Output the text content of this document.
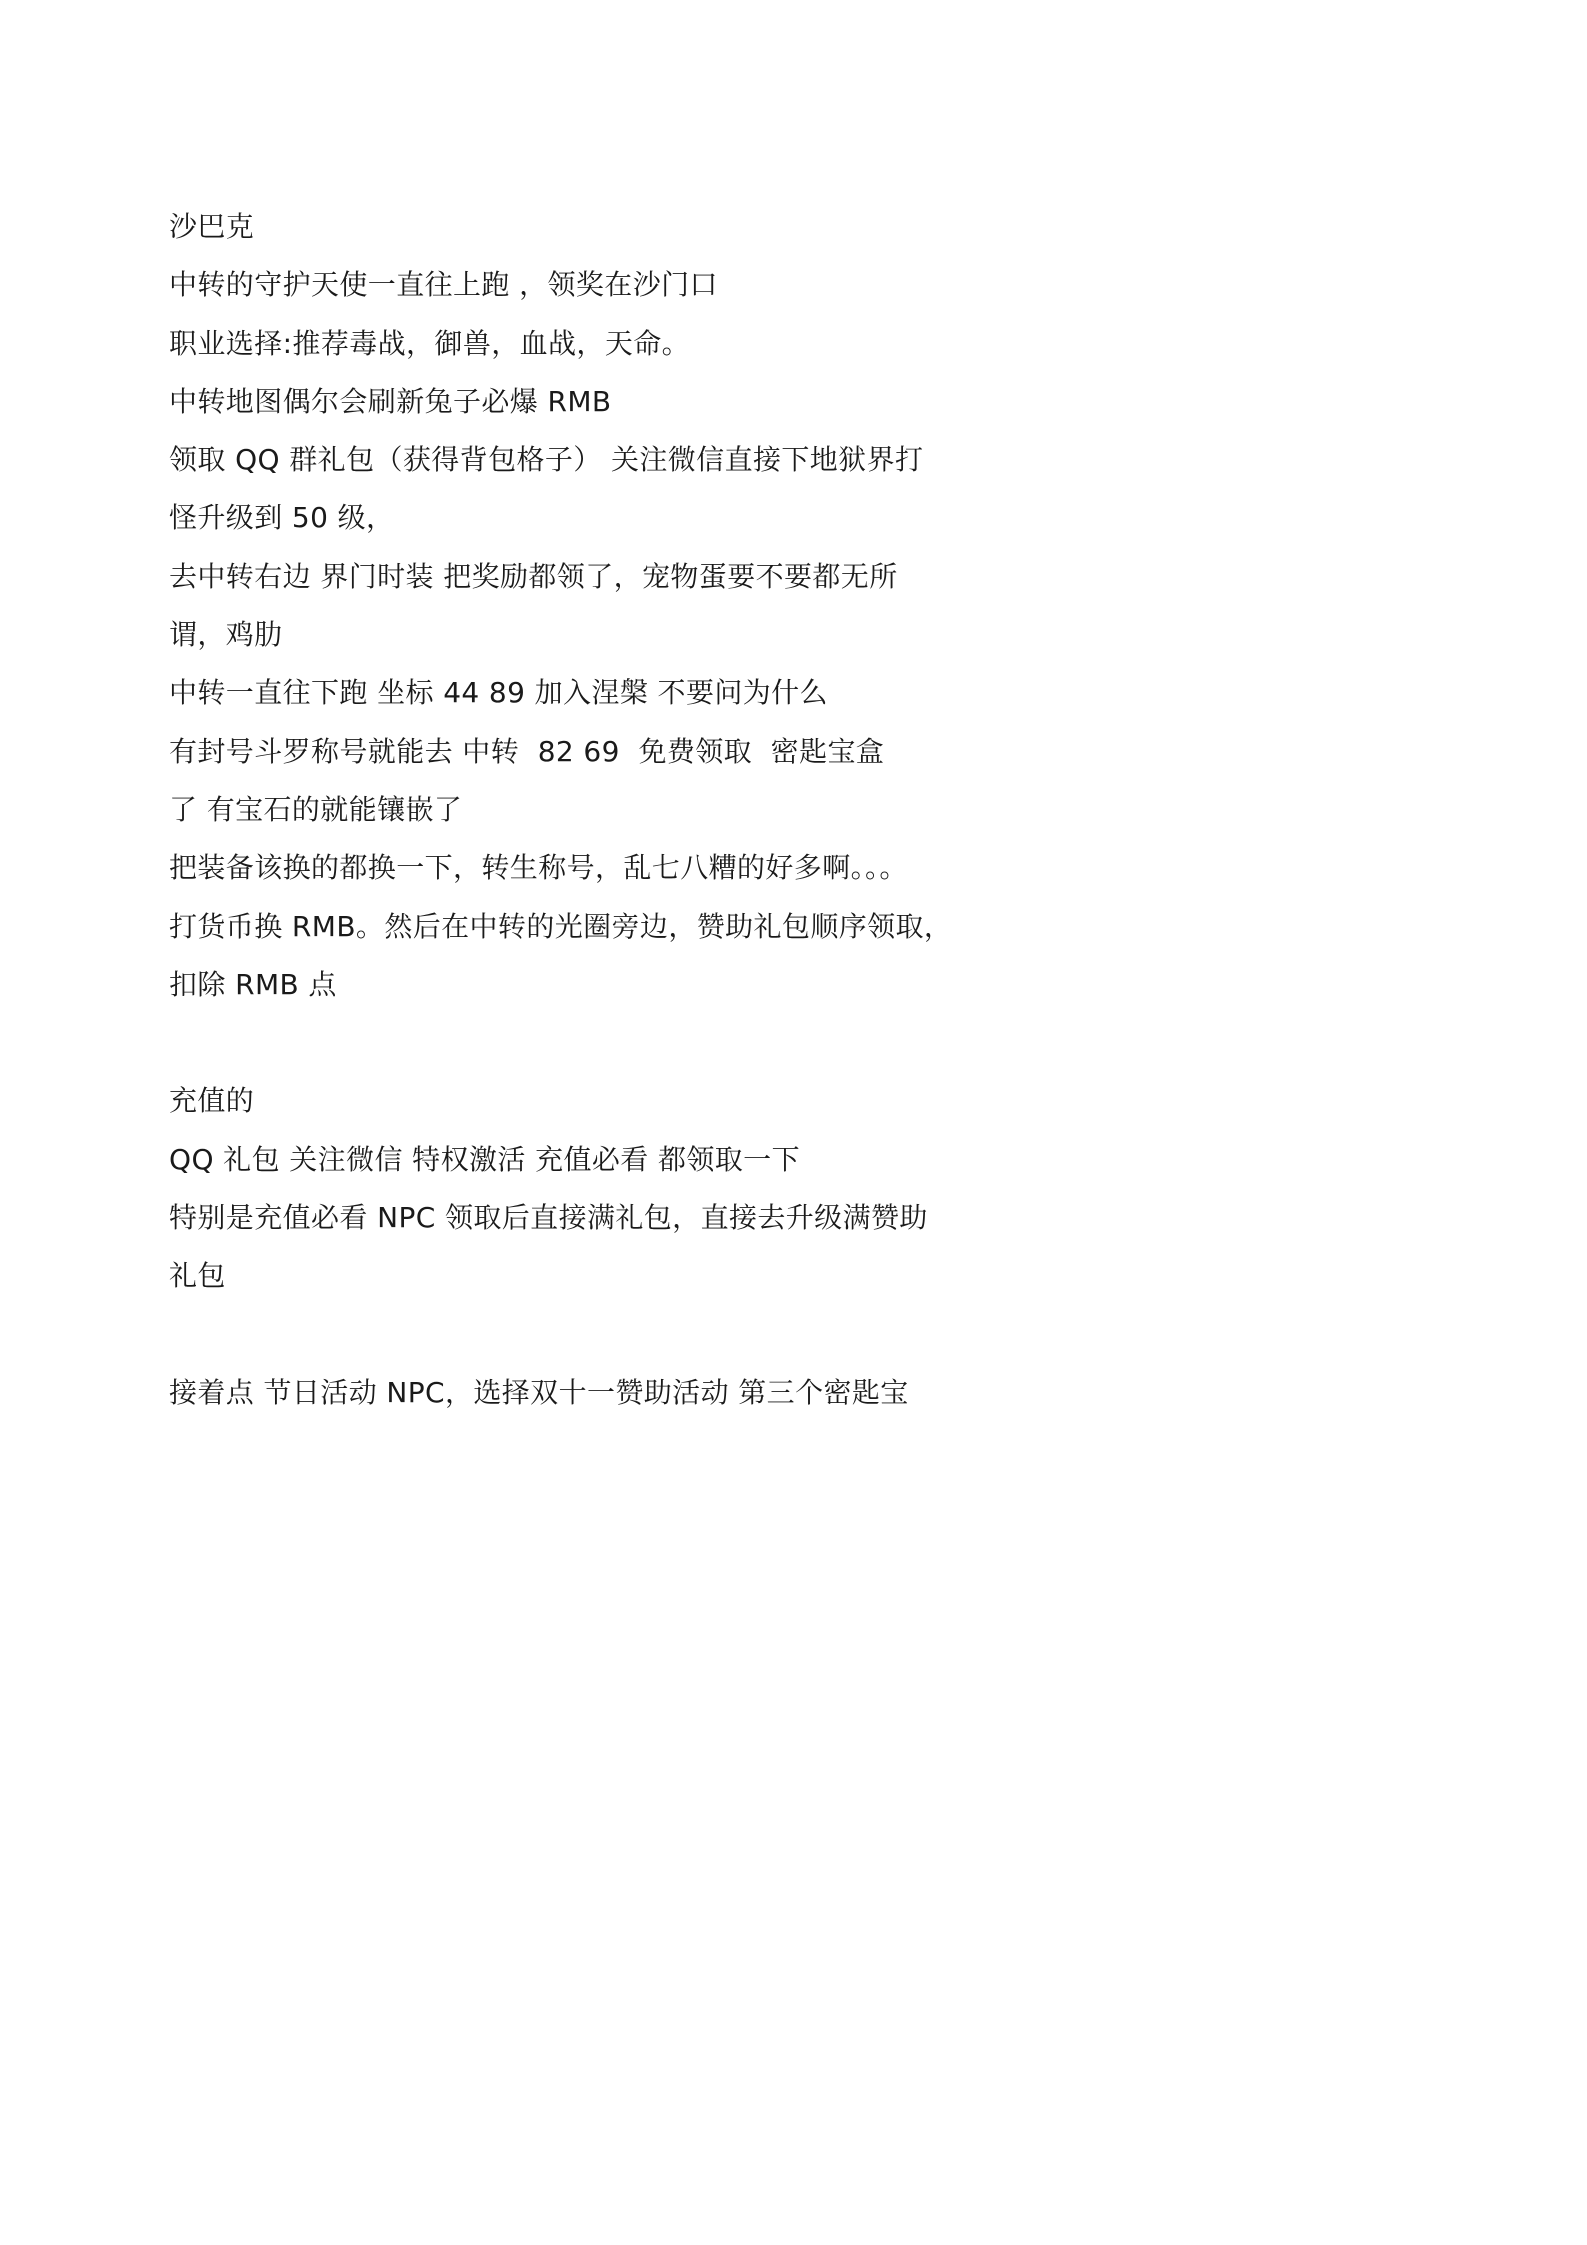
沙巴克
中转的守护天使一直往上跑 ，领奖在沙门口
职业选择:推荐毒战，御兽，血战，天命。
中转地图偶尔会刷新兔子必爆 RMB
领取 QQ 群礼包（获得背包格子） 关注微信直接下地狱界打
怪升级到 50 级，
去中转右边 界门时装 把奖励都领了，宠物蛋要不要都无所
谓，鸡肋
中转一直往下跑 坐标 44 89 加入涅槃 不要问为什么
有封号斗罗称号就能去 中转  82 69  免费领取  密匙宝盒
了 有宝石的就能镶嵌了
把装备该换的都换一下，转生称号，乱七八糟的好多啊。。。
打货币换 RMB。然后在中转的光圈旁边，赞助礼包顺序领取，
扣除 RMB 点
充值的
QQ 礼包 关注微信 特权激活 充值必看 都领取一下
特别是充值必看 NPC 领取后直接满礼包，直接去升级满赞助
礼包
接着点 节日活动 NPC，选择双十一赞助活动 第三个密匙宝
